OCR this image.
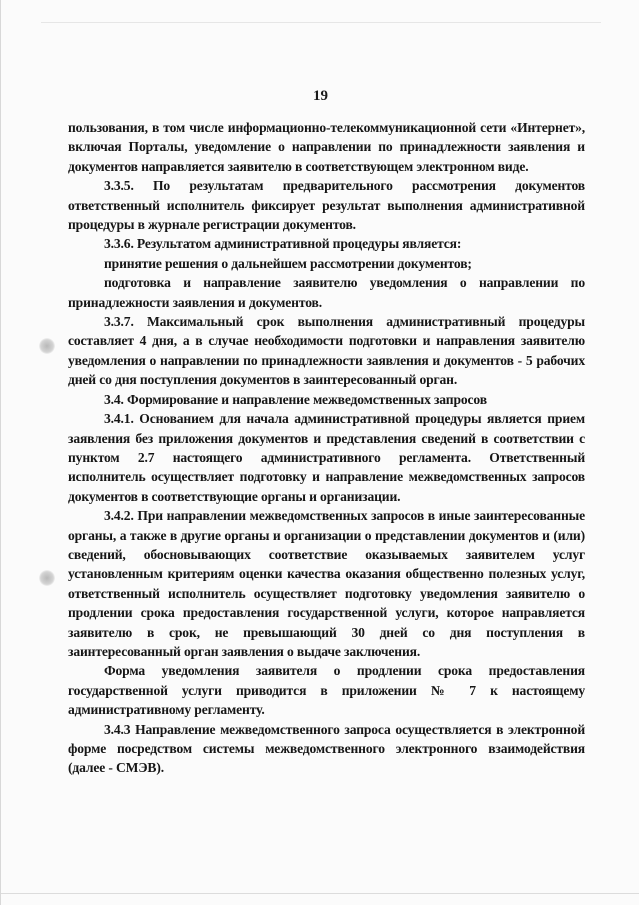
19

пользования, в том числе информационно-телекоммуникационной сети «Интернет», включая Порталы, уведомление о направлении по принадлежности заявления и документов направляется заявителю в соответствующем электронном виде.

3.3.5. По результатам предварительного рассмотрения документов ответственный исполнитель фиксирует результат выполнения административной процедуры в журнале регистрации документов.

3.3.6. Результатом административной процедуры является:

принятие решения о дальнейшем рассмотрении документов;

подготовка и направление заявителю уведомления о направлении по принадлежности заявления и документов.

3.3.7. Максимальный срок выполнения административный процедуры составляет 4 дня, а в случае необходимости подготовки и направления заявителю уведомления о направлении по принадлежности заявления и документов - 5 рабочих дней со дня поступления документов в заинтересованный орган.

3.4. Формирование и направление межведомственных запросов

3.4.1. Основанием для начала административной процедуры является прием заявления без приложения документов и представления сведений в соответствии с пунктом 2.7 настоящего административного регламента. Ответственный исполнитель осуществляет подготовку и направление межведомственных запросов документов в соответствующие органы и организации.

3.4.2. При направлении межведомственных запросов в иные заинтересованные органы, а также в другие органы и организации о представлении документов и (или) сведений, обосновывающих соответствие оказываемых заявителем услуг установленным критериям оценки качества оказания общественно полезных услуг, ответственный исполнитель осуществляет подготовку уведомления заявителю о продлении срока предоставления государственной услуги, которое направляется заявителю в срок, не превышающий 30 дней со дня поступления в заинтересованный орган заявления о выдаче заключения.

Форма уведомления заявителя о продлении срока предоставления государственной услуги приводится в приложении № 7 к настоящему административному регламенту.

3.4.3 Направление межведомственного запроса осуществляется в электронной форме посредством системы межведомственного электронного взаимодействия (далее - СМЭВ).
